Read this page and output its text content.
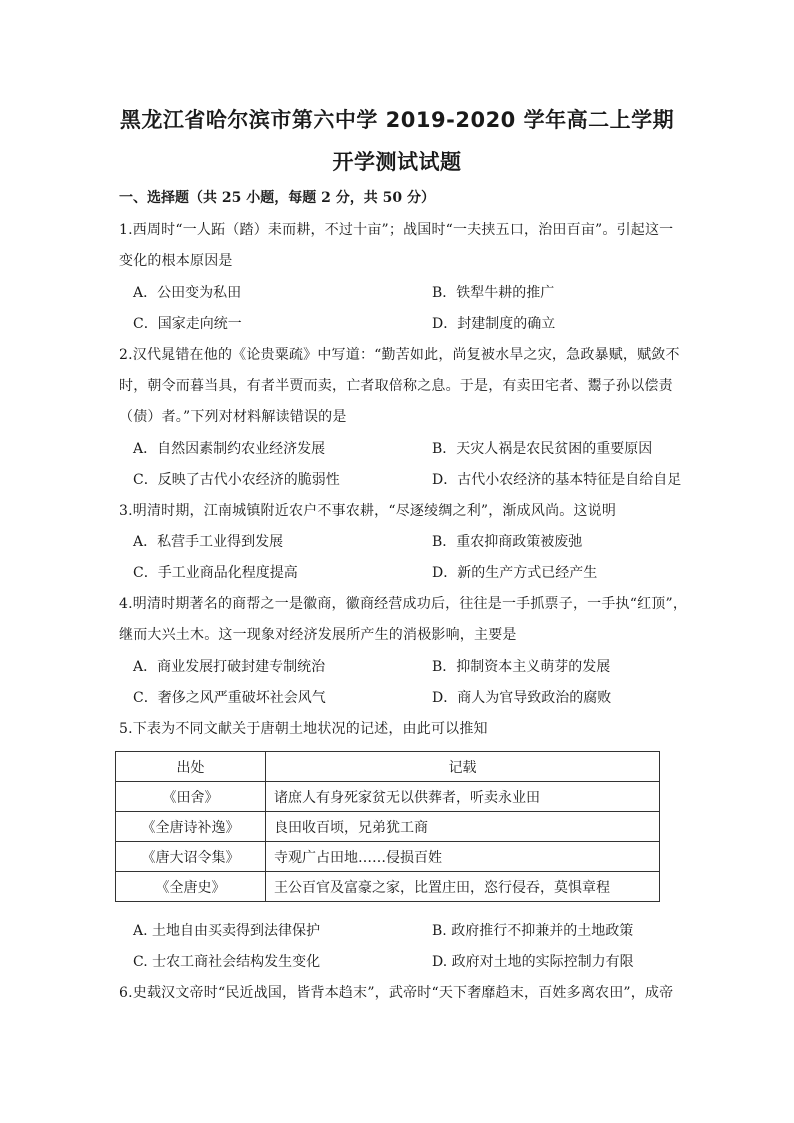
黑龙江省哈尔滨市第六中学 2019-2020 学年高二上学期
开学测试试题
一、选择题（共 25 小题，每题 2 分，共 50 分）
1.西周时“一人跖（踏）耒而耕，不过十亩”；战国时“一夫挟五口，治田百亩”。引起这一
变化的根本原因是
A．公田变为私田	B．铁犁牛耕的推广
C．国家走向统一	D．封建制度的确立
2.汉代晁错在他的《论贵粟疏》中写道：“勤苦如此，尚复被水旱之灾，急政暴赋，赋敛不
时，朝令而暮当具，有者半贾而卖，亡者取倍称之息。于是，有卖田宅者、鬻子孙以偿责
（债）者。”下列对材料解读错误的是
A．自然因素制约农业经济发展	B．天灾人祸是农民贫困的重要原因
C．反映了古代小农经济的脆弱性	D．古代小农经济的基本特征是自给自足
3.明清时期，江南城镇附近农户不事农耕，“尽逐绫绸之利”，渐成风尚。这说明
A．私营手工业得到发展	B．重农抑商政策被废弛
C．手工业商品化程度提高	D．新的生产方式已经产生
4.明清时期著名的商帮之一是徽商，徽商经营成功后，往往是一手抓票子，一手执“红顶”，
继而大兴土木。这一现象对经济发展所产生的消极影响，主要是
A．商业发展打破封建专制统治	B．抑制资本主义萌芽的发展
C．奢侈之风严重破坏社会风气	D．商人为官导致政治的腐败
5.下表为不同文献关于唐朝土地状况的记述，由此可以推知
出处	记载
《田舍》	诸庶人有身死家贫无以供葬者，听卖永业田
《全唐诗补逸》	良田收百顷，兄弟犹工商
《唐大诏令集》	寺观广占田地……侵损百姓
《全唐史》	王公百官及富豪之家，比置庄田，恣行侵吞，莫惧章程
A. 土地自由买卖得到法律保护	B. 政府推行不抑兼并的土地政策
C. 士农工商社会结构发生变化	D. 政府对土地的实际控制力有限
6.史载汉文帝时“民近战国，皆背本趋末”，武帝时“天下奢靡趋末，百姓多离农田”，成帝
